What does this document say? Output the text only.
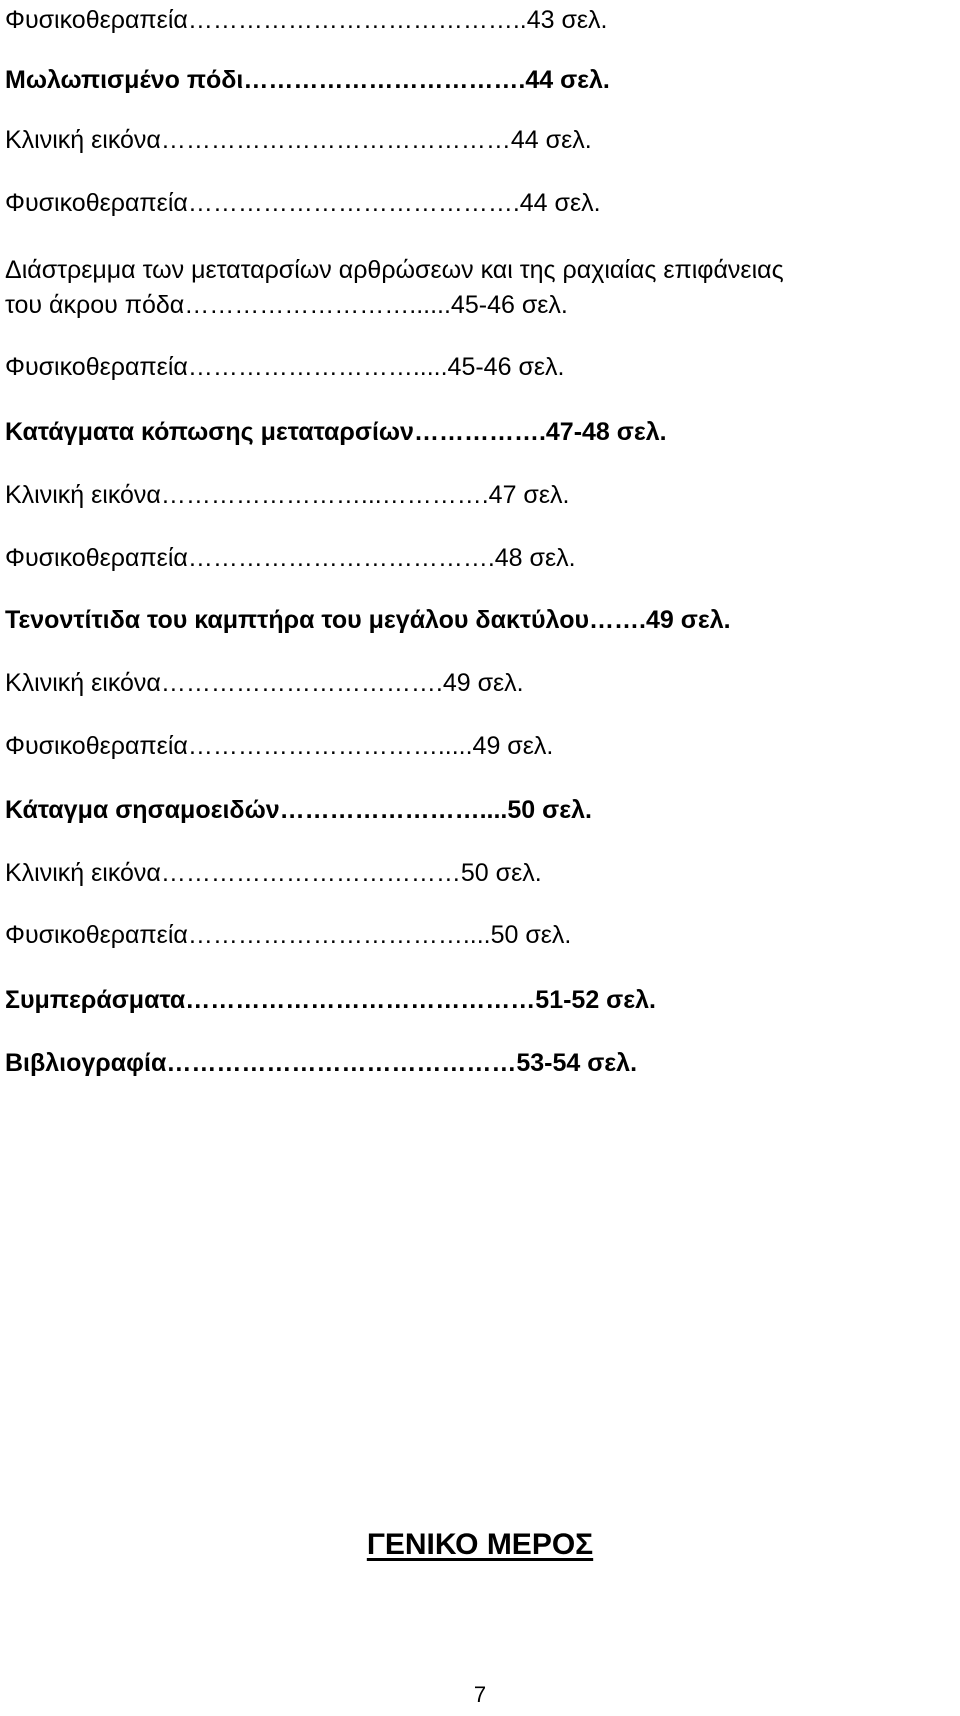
Φυσικοθεραπεία…………………………………..43 σελ.
Μωλωπισμένο πόδι…………………………….44 σελ.
Κλινική εικόνα……………………………………44 σελ.
Φυσικοθεραπεία………………………………….44 σελ.
Διάστρεμμα των μεταταρσίων αρθρώσεων και της ραχιαίας επιφάνειας
του άκρου πόδα………………………......45-46 σελ.
Φυσικοθεραπεία……………………….....45-46 σελ.
Κατάγματα κόπωσης μεταταρσίων…………….47-48 σελ.
Κλινική εικόνα……………………...………….47 σελ.
Φυσικοθεραπεία……………………………….48 σελ.
Τενοντίτιδα του καμπτήρα του μεγάλου δακτύλου…….49 σελ.
Κλινική εικόνα…………………………….49 σελ.
Φυσικοθεραπεία………………………….....49 σελ.
Κάταγμα σησαμοειδών……………………....50 σελ.
Κλινική εικόνα………………………………50 σελ.
Φυσικοθεραπεία……………………………....50 σελ.
Συμπεράσματα……………………………………51-52 σελ.
Βιβλιογραφία……………………………………53-54 σελ.
ΓΕΝΙΚΟ ΜΕΡΟΣ
7
